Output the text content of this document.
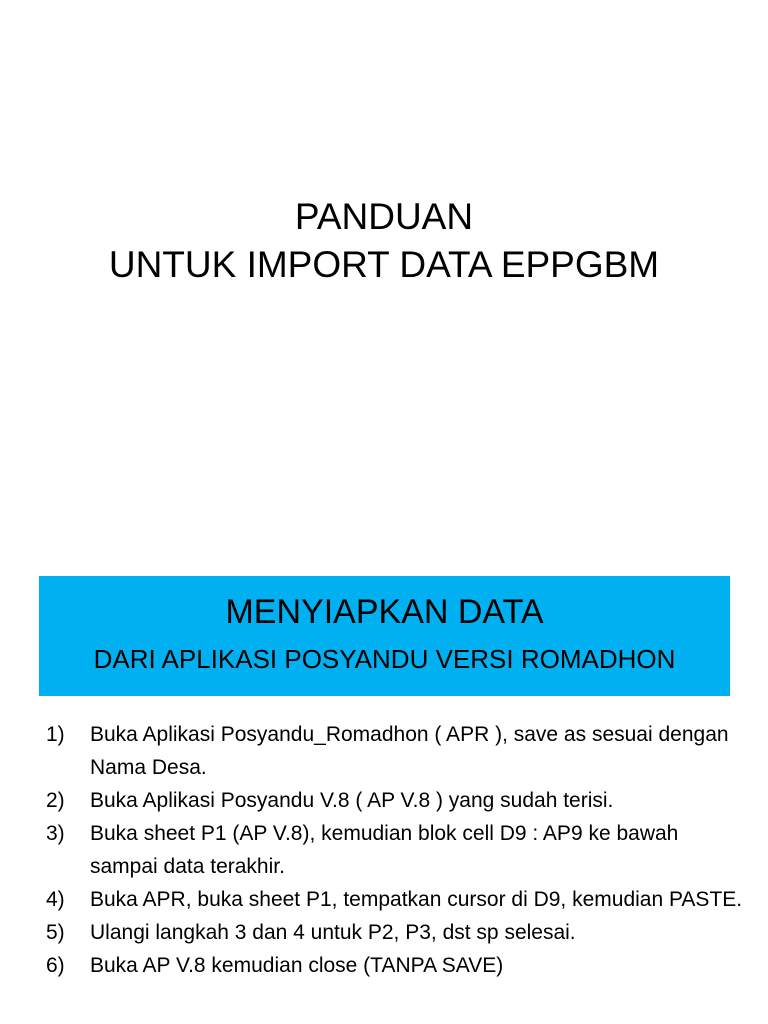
PANDUAN
UNTUK IMPORT DATA EPPGBM
MENYIAPKAN DATA
DARI APLIKASI POSYANDU VERSI ROMADHON
1) Buka Aplikasi Posyandu_Romadhon ( APR ), save as sesuai dengan Nama Desa.
2) Buka Aplikasi Posyandu V.8 ( AP V.8 ) yang sudah terisi.
3) Buka sheet P1 (AP V.8), kemudian blok cell D9 : AP9 ke bawah sampai data terakhir.
4) Buka APR, buka sheet P1, tempatkan cursor di D9, kemudian PASTE.
5) Ulangi langkah 3 dan 4 untuk P2, P3, dst sp selesai.
6) Buka AP V.8 kemudian close (TANPA SAVE)
